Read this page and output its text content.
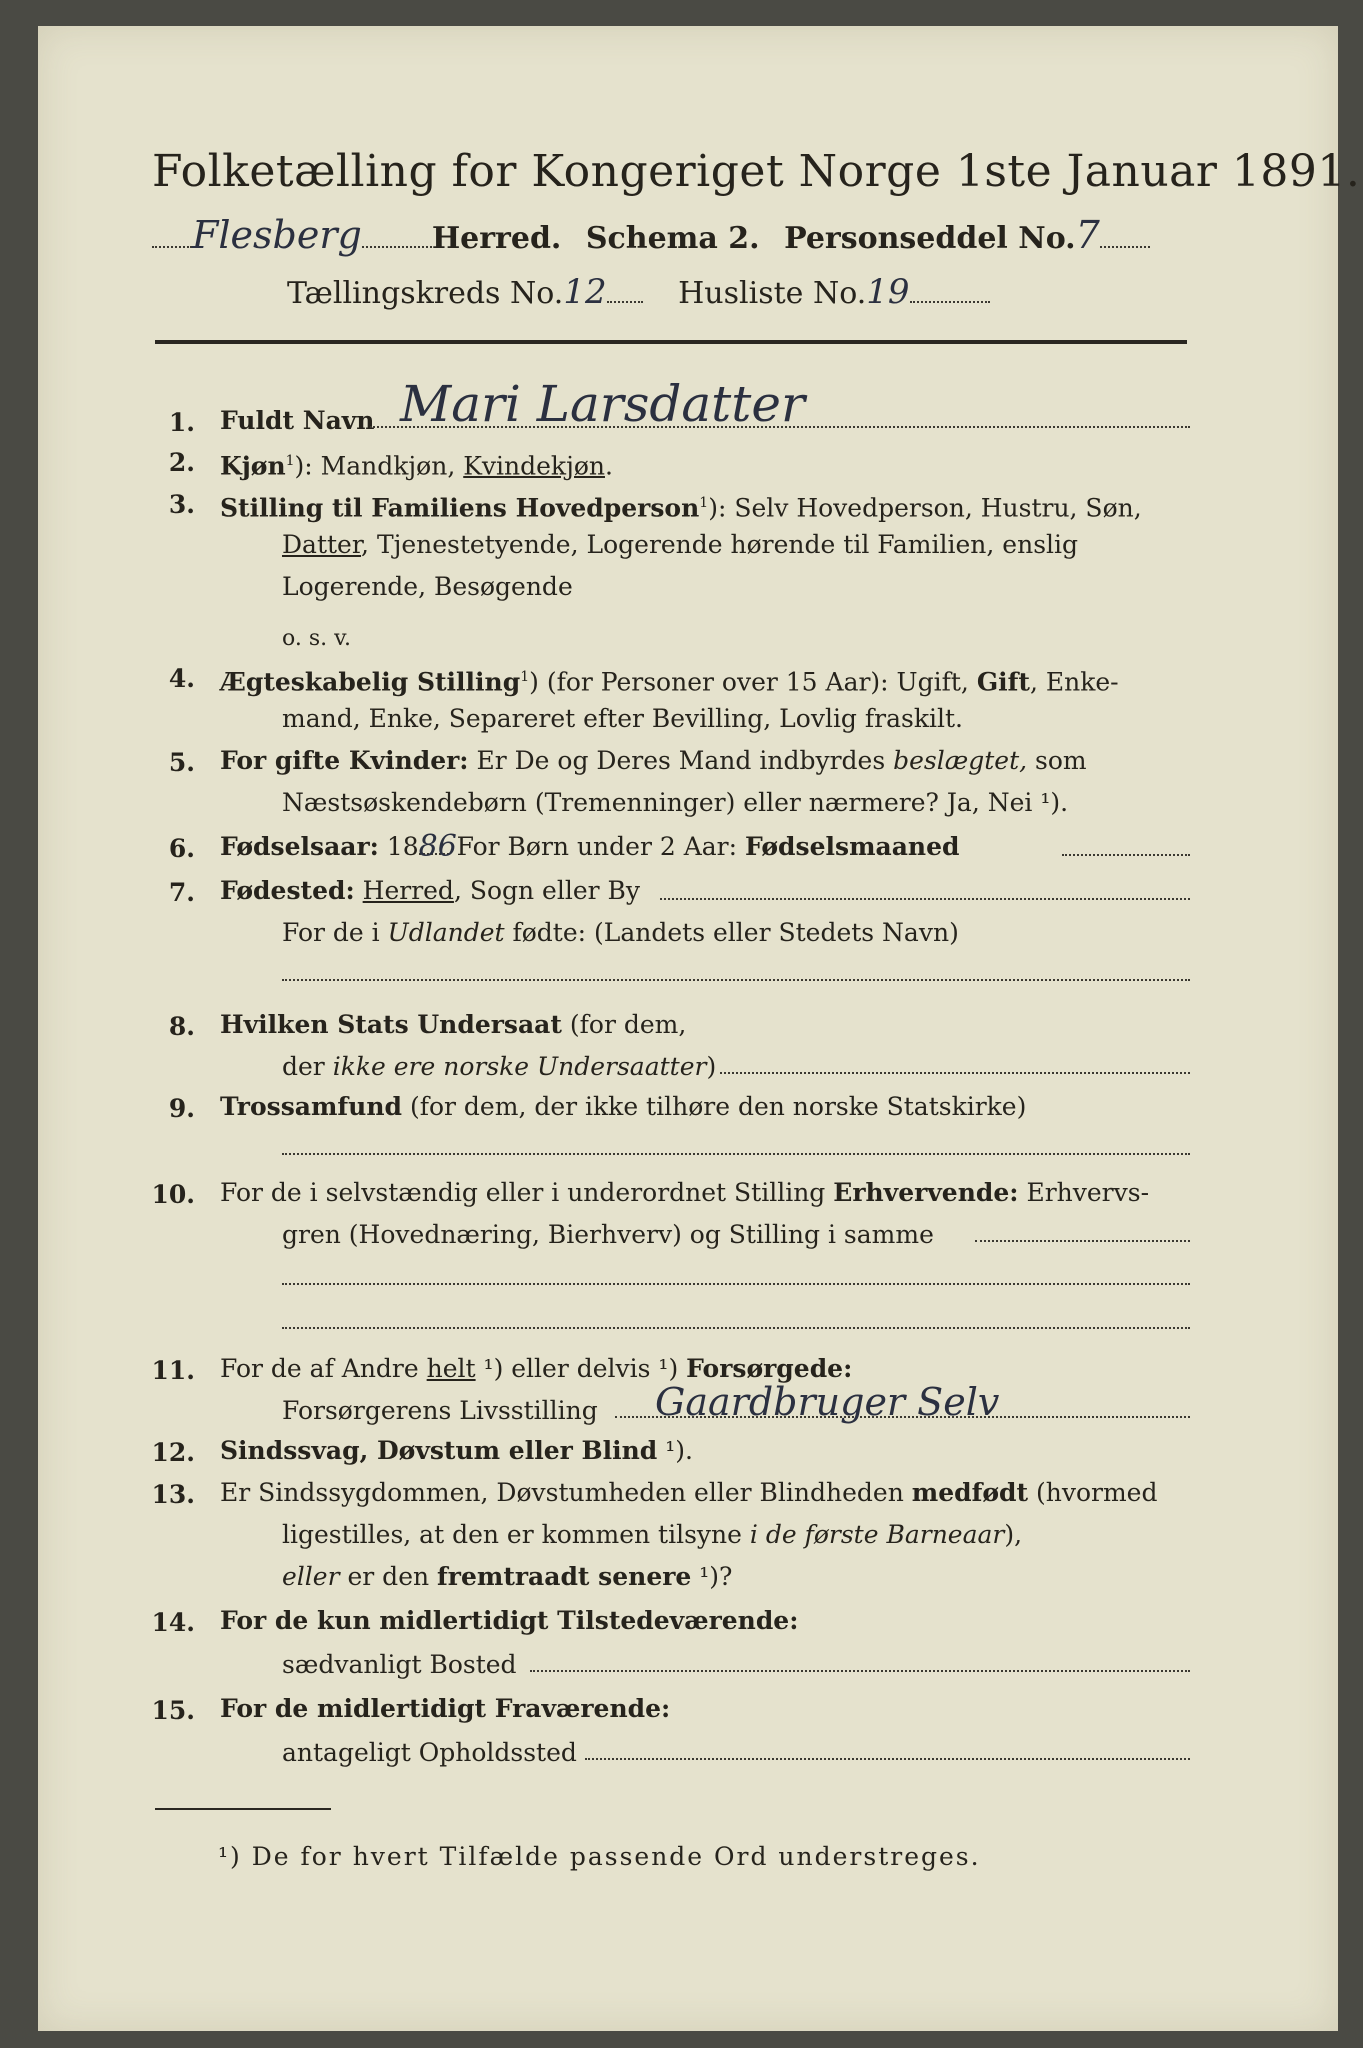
Folketælling for Kongeriget Norge 1ste Januar 1891.
Flesberg Herred. Schema 2. Personseddel No.7
Tællingskreds No.12 Husliste No.19
1. Fuldt Navn Mari Larsdatter
2. Kjøn$^1$): Mandkjøn, Kvindekjøn.
3. Stilling til Familiens Hovedperson$^1$): Selv Hovedperson, Hustru, Søn,
Datter, Tjenestetyende, Logerende hørende til Familien, enslig
Logerende, Besøgende
o. s. v.
4. Ægteskabelig Stilling$^1$) (for Personer over 15 Aar): Ugift, Gift, Enke-
mand, Enke, Separeret efter Bevilling, Lovlig fraskilt.
5. For gifte Kvinder: Er De og Deres Mand indbyrdes beslægtet, som
Næstsøskendebørn (Tremenninger) eller nærmere? Ja, Nei ¹).
6. Fødselsaar: 18 86
For Børn under 2 Aar: Fødselsmaaned
7. Fødested: Herred, Sogn eller By
For de i Udlandet fødte: (Landets eller Stedets Navn)
8. Hvilken Stats Undersaat (for dem,
der ikke ere norske Undersaatter)
9. Trossamfund (for dem, der ikke tilhøre den norske Statskirke)
10. For de i selvstændig eller i underordnet Stilling Erhvervende: Erhvervs-
gren (Hovednæring, Bierhverv) og Stilling i samme
11. For de af Andre helt ¹) eller delvis ¹) Forsørgede:
Forsørgerens Livsstilling Gaardbruger Selv
12. Sindssvag, Døvstum eller Blind ¹).
13. Er Sindssygdommen, Døvstumheden eller Blindheden medfødt (hvormed
ligestilles, at den er kommen tilsyne i de første Barneaar),
eller er den fremtraadt senere ¹)?
14. For de kun midlertidigt Tilstedeværende:
sædvanligt Bosted
15. For de midlertidigt Fraværende:
antageligt Opholdssted
¹) De for hvert Tilfælde passende Ord understreges.
